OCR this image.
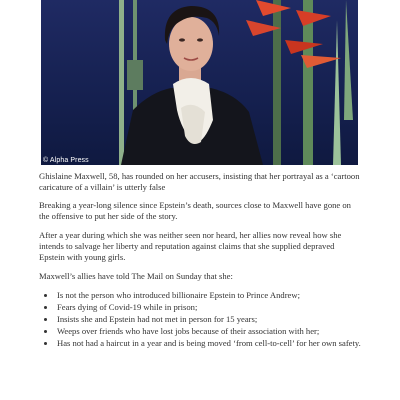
© Alpha Press

Ghislaine Maxwell, 58, has rounded on her accusers, insisting that her portrayal as a ‘cartoon caricature of a villain’ is utterly false

Breaking a year-long silence since Epstein’s death, sources close to Maxwell have gone on the offensive to put her side of the story.

After a year during which she was neither seen nor heard, her allies now reveal how she intends to salvage her liberty and reputation against claims that she supplied depraved Epstein with young girls.

Maxwell’s allies have told The Mail on Sunday that she:

Is not the person who introduced billionaire Epstein to Prince Andrew;
Fears dying of Covid-19 while in prison;
Insists she and Epstein had not met in person for 15 years;
Weeps over friends who have lost jobs because of their association with her;
Has not had a haircut in a year and is being moved ‘from cell-to-cell’ for her own safety.
